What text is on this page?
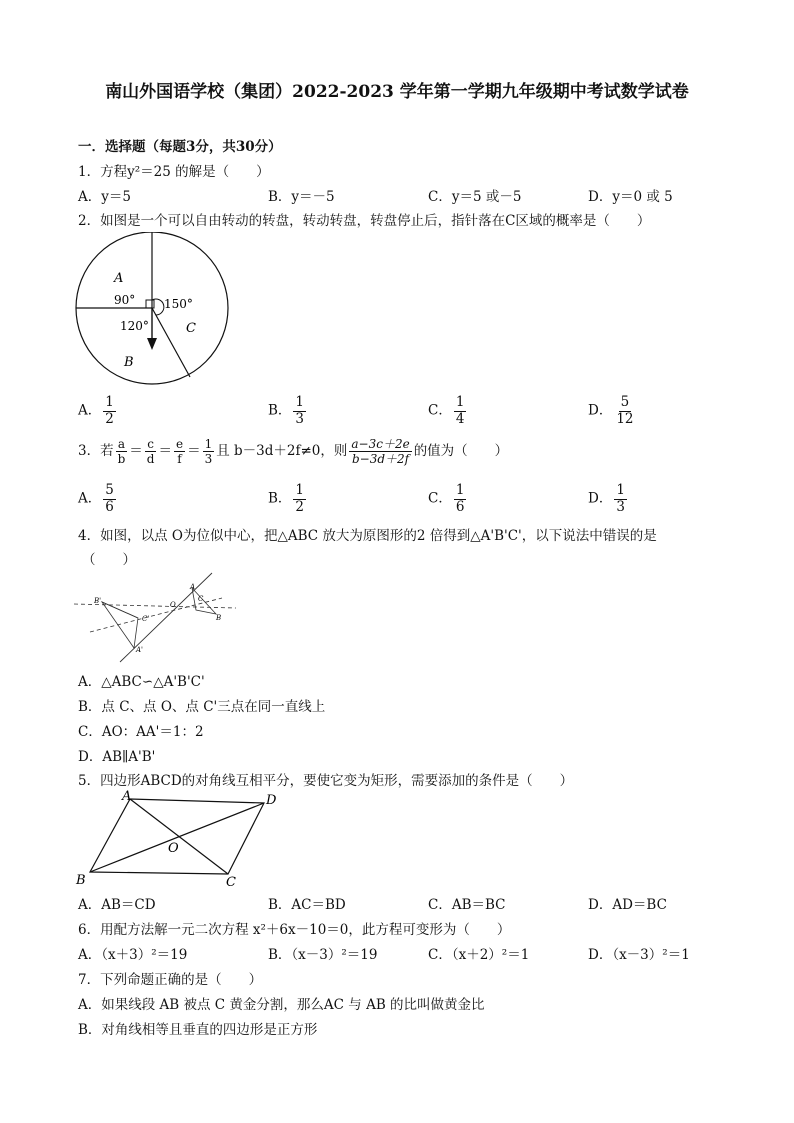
南山外国语学校（集团）2022-2023 学年第一学期九年级期中考试数学试卷
一．选择题（每题3分，共30分）
1．方程y²＝25 的解是（　　）
A．y＝5	B．y＝－5	C．y＝5 或－5	D．y＝0 或 5
2．如图是一个可以自由转动的转盘，转动转盘，转盘停止后，指针落在C区域的概率是（　　）
A
90° 150°
120°	C
B
A． $\frac{1}{2}$	B． $\frac{1}{3}$	C． $\frac{1}{4}$	D． $\frac{5}{12}$
3．若 $\frac{a}{b} = \frac{c}{d} = \frac{e}{f} = \frac{1}{3}$ 且 b－3d＋2f≠0，则 $\frac{a-3c+2e}{b-3d+2f}$ 的值为（　　）
A． $\frac{5}{6}$	B． $\frac{1}{2}$	C． $\frac{1}{6}$	D． $\frac{1}{3}$
4．如图，以点 O为位似中心，把△ABC 放大为原图形的2 倍得到△A'B'C'，以下说法中错误的是
（　　）
A
B
C
O
B'
C'
A'
A．△ABC∽△A'B'C'
B．点 C、点 O、点 C'三点在同一直线上
C．AO：AA'＝1：2
D．AB∥A'B'
5．四边形ABCD的对角线互相平分，要使它变为矩形，需要添加的条件是（　　）
A	D
O
B	C
A．AB＝CD	B．AC＝BD	C．AB＝BC	D．AD＝BC
6．用配方法解一元二次方程 x²＋6x－10＝0，此方程可变形为（　　）
A．（x＋3）²＝19	B．（x－3）²＝19	C．（x＋2）²＝1	D．（x－3）²＝1
7．下列命题正确的是（　　）
A．如果线段 AB 被点 C 黄金分割，那么AC 与 AB 的比叫做黄金比
B．对角线相等且垂直的四边形是正方形
